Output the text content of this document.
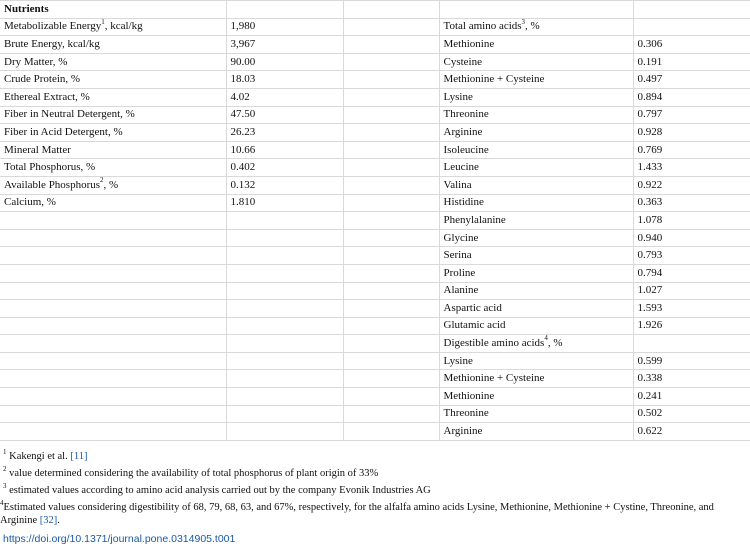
Nutrients				
Metabolizable Energy$^1$, kcal/kg	1,980		Total amino acids$^3$, %	
Brute Energy, kcal/kg	3,967		Methionine	0.306
Dry Matter, %	90.00		Cysteine	0.191
Crude Protein, %	18.03		Methionine + Cysteine	0.497
Ethereal Extract, %	4.02		Lysine	0.894
Fiber in Neutral Detergent, %	47.50		Threonine	0.797
Fiber in Acid Detergent, %	26.23		Arginine	0.928
Mineral Matter	10.66		Isoleucine	0.769
Total Phosphorus, %	0.402		Leucine	1.433
Available Phosphorus$^2$, %	0.132		Valina	0.922
Calcium, %	1.810		Histidine	0.363
			Phenylalanine	1.078
			Glycine	0.940
			Serina	0.793
			Proline	0.794
			Alanine	1.027
			Aspartic acid	1.593
			Glutamic acid	1.926
			Digestible amino acids$^4$, %	
			Lysine	0.599
			Methionine + Cysteine	0.338
			Methionine	0.241
			Threonine	0.502
			Arginine	0.622

$^1$ Kakengi et al. [11]

$^2$ value determined considering the availability of total phosphorus of plant origin of 33%

$^3$ estimated values according to amino acid analysis carried out by the company Evonik Industries AG

$^4$Estimated values considering digestibility of 68, 79, 68, 63, and 67%, respectively, for the alfalfa amino acids Lysine, Methionine, Methionine + Cystine, Threonine, and Arginine [32].

https://doi.org/10.1371/journal.pone.0314905.t001
